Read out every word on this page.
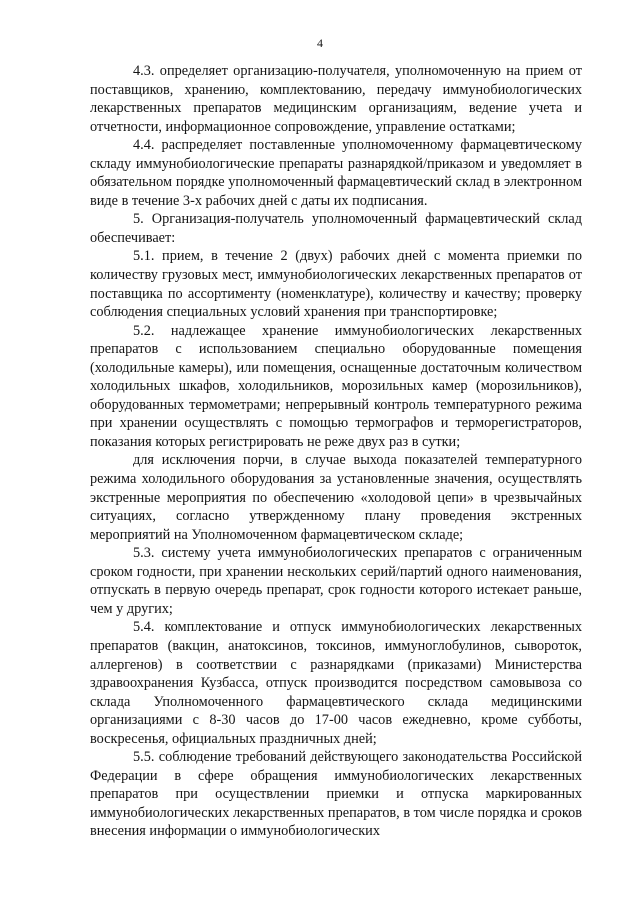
4

4.3. определяет организацию-получателя, уполномоченную на прием от поставщиков, хранению, комплектованию, передачу иммунобиологических лекарственных препаратов медицинским организациям, ведение учета и отчетности, информационное сопровождение, управление остатками;

4.4. распределяет поставленные уполномоченному фармацевтическому складу иммунобиологические препараты разнарядкой/приказом и уведомляет в обязательном порядке уполномоченный фармацевтический склад в электронном виде в течение 3-х рабочих дней с даты их подписания.

5. Организация-получатель уполномоченный фармацевтический склад обеспечивает:

5.1. прием, в течение 2 (двух) рабочих дней с момента приемки по количеству грузовых мест, иммунобиологических лекарственных препаратов от поставщика по ассортименту (номенклатуре), количеству и качеству; проверку соблюдения специальных условий хранения при транспортировке;

5.2. надлежащее хранение иммунобиологических лекарственных препаратов с использованием специально оборудованные помещения (холодильные камеры), или помещения, оснащенные достаточным количеством холодильных шкафов, холодильников, морозильных камер (морозильников), оборудованных термометрами; непрерывный контроль температурного режима при хранении осуществлять с помощью термографов и терморегистраторов, показания которых регистрировать не реже двух раз в сутки;

для исключения порчи, в случае выхода показателей температурного режима холодильного оборудования за установленные значения, осуществлять экстренные мероприятия по обеспечению «холодовой цепи» в чрезвычайных ситуациях, согласно утвержденному плану проведения экстренных мероприятий на Уполномоченном фармацевтическом складе;

5.3. систему учета иммунобиологических препаратов с ограниченным сроком годности, при хранении нескольких серий/партий одного наименования, отпускать в первую очередь препарат, срок годности которого истекает раньше, чем у других;

5.4. комплектование и отпуск иммунобиологических лекарственных препаратов (вакцин, анатоксинов, токсинов, иммуноглобулинов, сывороток, аллергенов) в соответствии с разнарядками (приказами) Министерства здравоохранения Кузбасса, отпуск производится посредством самовывоза со склада Уполномоченного фармацевтического склада медицинскими организациями с 8-30 часов до 17-00 часов ежедневно, кроме субботы, воскресенья, официальных праздничных дней;

5.5. соблюдение требований действующего законодательства Российской Федерации в сфере обращения иммунобиологических лекарственных препаратов при осуществлении приемки и отпуска маркированных иммунобиологических лекарственных препаратов, в том числе порядка и сроков внесения информации о иммунобиологических
